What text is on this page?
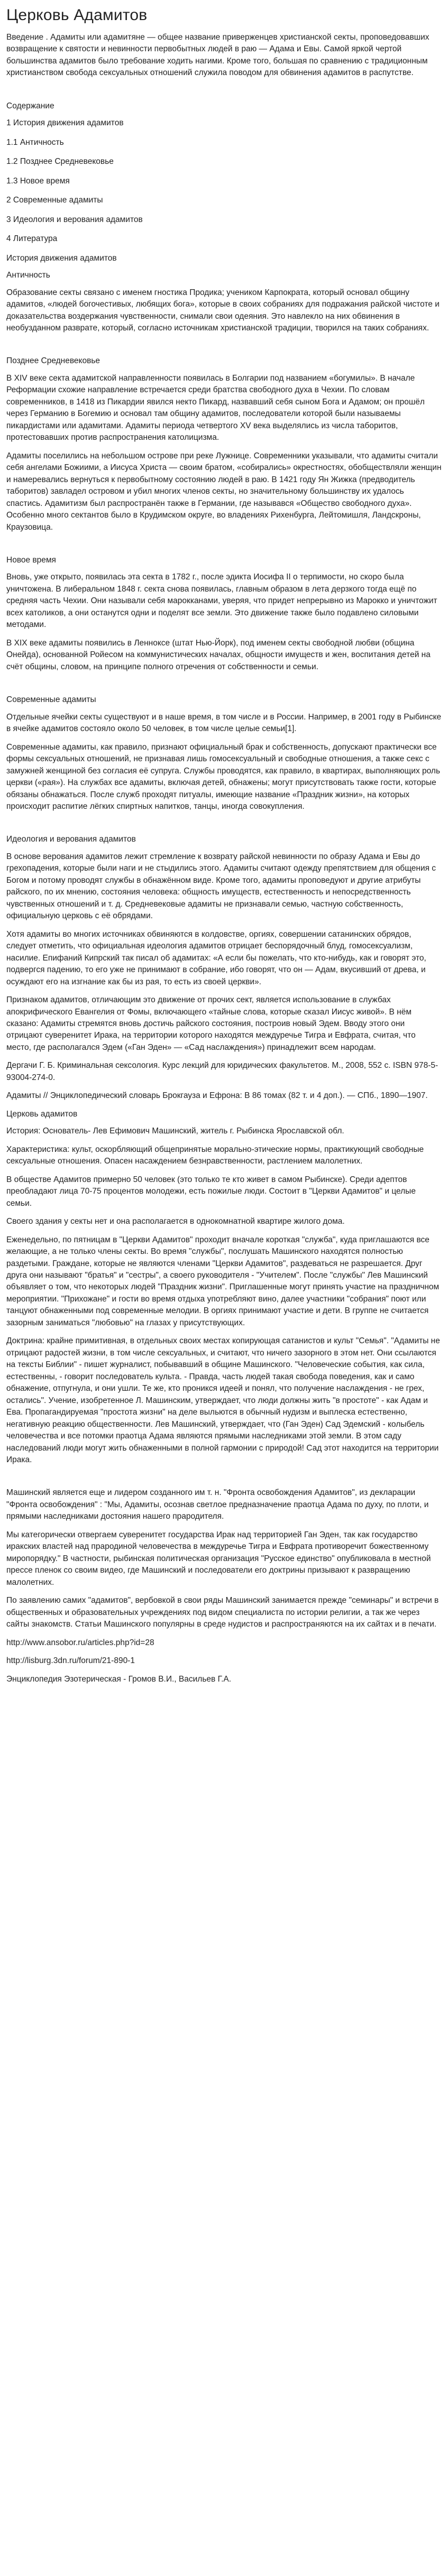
Церковь Адамитов

Введение . Адамиты или адамитяне — общее название приверженцев христианской секты, проповедовавших возвращение к святости и невинности первобытных людей в раю — Адама и Евы. Самой яркой чертой большинства адамитов было требование ходить нагими. Кроме того, большая по сравнению с традиционным христианством свобода сексуальных отношений служила поводом для обвинения адамитов в распутстве.

Содержание

1 История движения адамитов

1.1 Античность

1.2 Позднее Средневековье

1.3 Новое время

2 Современные адамиты

3 Идеология и верования адамитов

4 Литература

История движения адамитов

Античность

Образование секты связано с именем гностика Продика; учеником Карпократа, который основал общину адамитов, «людей богочестивых, любящих бога», которые в своих собраниях для подражания райской чистоте и доказательства воздержания чувственности, снимали свои одеяния. Это навлекло на них обвинения в необузданном разврате, который, согласно источникам христианской традиции, творился на таких собраниях.

Позднее Средневековье

В XIV веке секта адамитской направленности появилась в Болгарии под названием «богумилы». В начале Реформации схожие направление встречается среди братства свободного духа в Чехии. По словам современников, в 1418 из Пикардии явился некто Пикард, назвавший себя сыном Бога и Адамом; он прошёл через Германию в Богемию и основал там общину адамитов, последователи которой были называемы пикардистами или адамитами. Адамиты периода четвертого XV века выделялись из числа таборитов, протестовавших против распространения католицизма.

Адамиты поселились на небольшом острове при реке Лужнице. Современники указывали, что адамиты считали себя ангелами Божиими, а Иисуса Христа — своим братом, «собирались» окрестностях, обобществляли женщин и намеревались вернуться к первобытному состоянию людей в раю. В 1421 году Ян Жижка (предводитель таборитов) завладел островом и убил многих членов секты, но значительному большинству их удалось спастись. Адамитизм был распространён также в Германии, где назывався «Общество свободного духа». Особенно много сектантов было в Крудимском округе, во владениях Рихенбурга, Лейтомишля, Ландскроны, Краузовица.

Новое время

Вновь, уже открыто, появилась эта секта в 1782 г., после эдикта Иосифа II о терпимости, но скоро была уничтожена. В либеральном 1848 г. секта снова появилась, главным образом в лета дерзкого тогда ещё по средняя часть Чехии. Они называли себя марокканами, уверяя, что придет непрерывно из Марокко и уничтожит всех католиков, а они останутся одни и поделят все земли. Это движение также было подавлено силовыми методами.

В XIX веке адамиты появились в Ленноксе (штат Нью-Йорк), под именем секты свободной любви (община Онейда), основанной Ройесом на коммунистических началах, общности имуществ и жен, воспитания детей на счёт общины, словом, на принципе полного отречения от собственности и семьи.

Современные адамиты

Отдельные ячейки секты существуют и в наше время, в том числе и в России. Например, в 2001 году в Рыбинске в ячейке адамитов состояло около 50 человек, в том числе целые семьи[1].

Современные адамиты, как правило, признают официальный брак и собственность, допускают практически все формы сексуальных отношений, не признавая лишь гомосексуальный и свободные отношения, а также секс с замужней женщиной без согласия её супруга. Службы проводятся, как правило, в квартирах, выполняющих роль церкви («рая»). На службах все адамиты, включая детей, обнажены; могут присутствовать также гости, которые обязаны обнажаться. После служб проходят питуалы, имеющие название «Праздник жизни», на которых происходит распитие лёгких спиртных напитков, танцы, иногда совокупления.

Идеология и верования адамитов

В основе верования адамитов лежит стремление к возврату райской невинности по образу Адама и Евы до грехопадения, которые были наги и не стыдились этого. Адамиты считают одежду препятствием для общения с Богом и потому проводят службы в обнажённом виде. Кроме того, адамиты проповедуют и другие атрибуты райского, по их мнению, состояния человека: общность имуществ, естественность и непосредственность чувственных отношений и т. д. Средневековые адамиты не признавали семью, частную собственность, официальную церковь с её обрядами.

Хотя адамиты во многих источниках обвиняются в колдовстве, оргиях, совершении сатанинских обрядов, следует отметить, что официальная идеология адамитов отрицает беспорядочный блуд, гомосексуализм, насилие. Епифаний Кипрский так писал об адамитах: «А если бы пожелать, что кто-нибудь, как и говорят это, подвергся падению, то его уже не принимают в собрание, ибо говорят, что он — Адам, вкусивший от древа, и осуждают его на изгнание как бы из рая, то есть из своей церкви».

Признаком адамитов, отличающим это движение от прочих сект, является использование в службах апокрифического Евангелия от Фомы, включающего «тайные слова, которые сказал Иисус живой». В нём сказано: Адамиты стремятся вновь достичь райского состояния, построив новый Эдем. Вводу этого они отрицают суверенитет Ирака, на территории которого находятся междуречье Тигра и Евфрата, считая, что место, где располагался Эдем («Ган Эден» — «Сад наслаждения») принадлежит всем народам.

Дергачи Г. Б. Криминальная сексология. Курс лекций для юридических факультетов. М., 2008, 552 с. ISBN 978-5-93004-274-0.

Адамиты // Энциклопедический словарь Брокгауза и Ефрона: В 86 томах (82 т. и 4 доп.). — СПб., 1890—1907.

Церковь адамитов

История: Основатель- Лев Ефимович Машинский, житель г. Рыбинска Ярославской обл.

Характеристика: культ, оскорбляющий общепринятые морально-этические нормы, практикующий свободные сексуальные отношения. Опасен насаждением безнравственности, растлением малолетних.

В обществе Адамитов примерно 50 человек (это только те кто живет в самом Рыбинске). Среди адептов преобладают лица 70-75 процентов молодежи, есть пожилые люди. Состоит в "Церкви Адамитов" и целые семьи.

Своего здания у секты нет и она располагается в однокомнатной квартире жилого дома.

Еженедельно, по пятницам в "Церкви Адамитов" проходит вначале короткая "служба", куда приглашаются все желающие, а не только члены секты. Во время "службы", послушать Машинского находятся полностью раздетыми. Граждане, которые не являются членами "Церкви Адамитов", раздеваться не разрешается. Друг друга они называют "братья" и "сестры", а своего руководителя - "Учителем". После "службы" Лев Машинский объявляет о том, что некоторых людей "Праздник жизни". Приглашенные могут принять участие на праздничном мероприятии. "Прихожане" и гости во время отдыха употребляют вино, далее участники "собрания" поют или танцуют обнаженными под современные мелодии. В оргиях принимают участие и дети. В группе не считается зазорным заниматься "любовью" на глазах у присутствующих.

Доктрина: крайне примитивная, в отдельных своих местах копирующая сатанистов и культ "Семья". "Адамиты не отрицают радостей жизни, в том числе сексуальных, и считают, что ничего зазорного в этом нет. Они ссылаются на тексты Библии" - пишет журналист, побывавший в общине Машинского. "Человеческие события, как сила, естественны, - говорит последователь культа. - Правда, часть людей такая свобода поведения, как и само обнажение, отпугнула, и они ушли. Те же, кто проникся идеей и понял, что получение наслаждения - не грех, остались". Учение, изобретенное Л. Машинским, утверждает, что люди должны жить "в простоте" - как Адам и Ева. Пропагандируемая "простота жизни" на деле выльются в обычный нудизм и выплеска естественно, негативную реакцию общественности. Лев Машинский, утверждает, что (Ган Эден) Сад Эдемский - колыбель человечества и все потомки праотца Адама являются прямыми наследниками этой земли. В этом саду наследований люди могут жить обнаженными в полной гармонии с природой! Сад этот находится на территории Ирака.

Машинский является еще и лидером созданного им т. н. "Фронта освобождения Адамитов", из декларации "Фронта освобождения" : "Мы, Адамиты, осознав светлое предназначение праотца Адама по духу, по плоти, и прямыми наследниками достояния нашего прародителя.

Мы категорически отвергаем суверенитет государства Ирак над территорией Ган Эден, так как государство иракских властей над прародиной человечества в междуречье Тигра и Евфрата противоречит божественному миропорядку." В частности, рыбинская политическая организация "Русское единство" опубликовала в местной прессе пленок со своим видео, где Машинский и последователи его доктрины призывают к развращению малолетних.

По заявлению самих "адамитов", вербовкой в свои ряды Машинский занимается прежде "семинары" и встречи в общественных и образовательных учреждениях под видом специалиста по истории религии, а так же через сайты знакомств. Статьи Машинского популярны в среде нудистов и распространяются на их сайтах и в печати.

http://www.ansobor.ru/articles.php?id=28

http://lisburg.3dn.ru/forum/21-890-1

Энциклопедия Эзотерическая - Громов В.И., Васильев Г.А.
